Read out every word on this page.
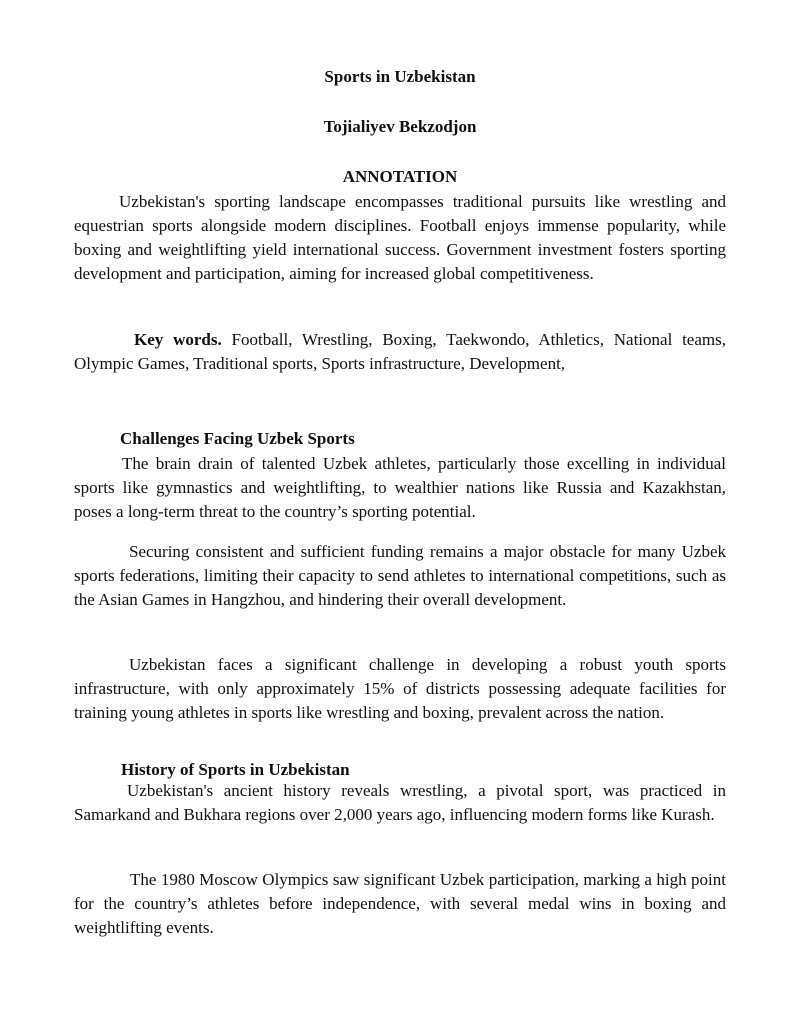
Sports in Uzbekistan
Tojialiyev Bekzodjon
ANNOTATION
Uzbekistan's sporting landscape encompasses traditional pursuits like wrestling and equestrian sports alongside modern disciplines. Football enjoys immense popularity, while boxing and weightlifting yield international success. Government investment fosters sporting development and participation, aiming for increased global competitiveness.
Key words. Football, Wrestling, Boxing, Taekwondo, Athletics, National teams, Olympic Games, Traditional sports, Sports infrastructure, Development,
Challenges Facing Uzbek Sports
The brain drain of talented Uzbek athletes, particularly those excelling in individual sports like gymnastics and weightlifting, to wealthier nations like Russia and Kazakhstan, poses a long-term threat to the country’s sporting potential.
Securing consistent and sufficient funding remains a major obstacle for many Uzbek sports federations, limiting their capacity to send athletes to international competitions, such as the Asian Games in Hangzhou, and hindering their overall development.
Uzbekistan faces a significant challenge in developing a robust youth sports infrastructure, with only approximately 15% of districts possessing adequate facilities for training young athletes in sports like wrestling and boxing, prevalent across the nation.
History of Sports in Uzbekistan
Uzbekistan's ancient history reveals wrestling, a pivotal sport, was practiced in Samarkand and Bukhara regions over 2,000 years ago, influencing modern forms like Kurash.
The 1980 Moscow Olympics saw significant Uzbek participation, marking a high point for the country’s athletes before independence, with several medal wins in boxing and weightlifting events.
